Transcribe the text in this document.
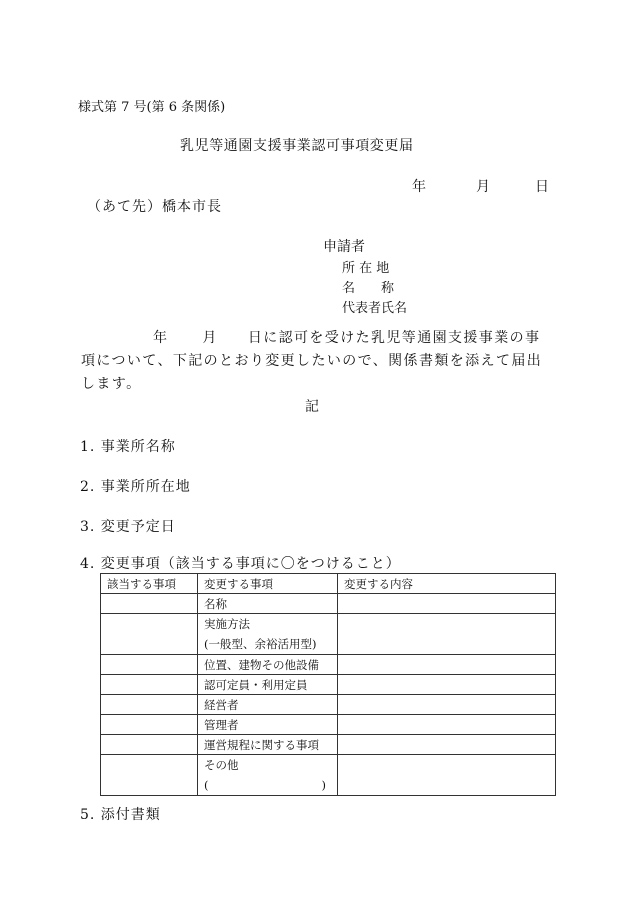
様式第 7 号(第 6 条関係)
乳児等通園支援事業認可事項変更届
年	月	日
（あて先）橋本市長
申請者
所 在 地
名　　称
代表者氏名
年 月 日に認可を受けた乳児等通園支援事業の事
項について、下記のとおり変更したいので、関係書類を添えて届出します。
記
1. 事業所名称
2. 事業所所在地
3. 変更予定日
4. 変更事項（該当する事項に〇をつけること）
該当する事項	変更する事項	変更する内容
	名称	

	実施方法
(一般型、余裕活用型)	

	位置、建物その他設備	
	認可定員・利用定員	
	経営者	
	管理者	
	運営規程に関する事項	

	その他
( )	

5. 添付書類
